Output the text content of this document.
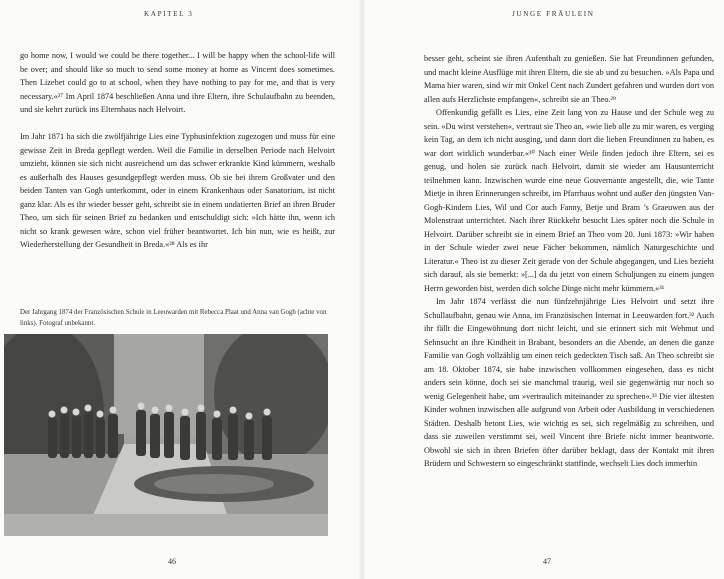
KAPITEL 3

go home now, I would we could be there together... I will be happy when the school-life will be over; and should like so much to send some money at home as Vincent does sometimes. Then Lizebet could go to at school, when they have nothing to pay for me, and that is very necessary.«²⁷ Im April 1874 beschließen Anna und ihre Eltern, ihre Schulaufbahn zu beenden, und sie kehrt zurück ins Elternhaus nach Helvoirt.

Im Jahr 1871 ha sich die zwölfjährige Lies eine Typhusinfektion zugezogen und muss für eine gewisse Zeit in Breda gepflegt werden. Weil die Familie in derselben Periode nach Helvoirt umzieht, können sie sich nicht ausreichend um das schwer erkrankte Kind kümmern, weshalb es außerhalb des Hauses gesundgepflegt werden muss. Ob sie bei ihrem Großvater und den beiden Tanten van Gogh unterkommt, oder in einem Krankenhaus oder Sanatorium, ist nicht ganz klar. Als es ihr wieder besser geht, schreibt sie in einem undatierten Brief an ihren Bruder Theo, um sich für seinen Brief zu bedanken und entschuldigt sich: »Ich hätte ihn, wenn ich nicht so krank gewesen wäre, schon viel früher beantwortet. Ich bin nun, wie es heißt, zur Wiederherstellung der Gesundheit in Breda.«²⁸ Als es ihr

Der Jahrgang 1874 der Französischen Schule in Leeuwarden mit Rebecca Plaat und Anna van Gogh (achte von links). Fotograf unbekannt.
46
JUNGE FRÄULEIN

besser geht, scheint sie ihren Aufenthalt zu genießen. Sie hat Freundinnen gefunden, und macht kleine Ausflüge mit ihren Eltern, die sie ab und zu besuchen. »Als Papa und Mama hier waren, sind wir mit Onkel Cent nach Zundert gefahren und wurden dort von allen aufs Herzlichste empfangen«, schreibt sie an Theo.²⁹

Offenkundig gefällt es Lies, eine Zeit lang von zu Hause und der Schule weg zu sein. »Du wirst verstehen«, vertraut sie Theo an, »wie lieb alle zu mir waren, es verging kein Tag, an dem ich nicht ausging, und dann dort die lieben Freundinnen zu haben, es war dort wirklich wunderbar.«³⁰ Nach einer Weile finden jedoch ihre Eltern, sei es genug, und holen sie zurück nach Helvoirt, damit sie wieder am Hausunterricht teilnehmen kann. Inzwischen wurde eine neue Gouvernante angestellt, die, wie Tante Mietje in ihren Erinnerungen schreibt, im Pfarrhaus wohnt und außer den jüngsten Van-Gogh-Kindern Lies, Wil und Cor auch Fanny, Betje und Bram ’s Graeuwen aus der Molenstraat unterrichtet. Nach ihrer Rückkehr besucht Lies später noch die Schule in Helvoirt. Darüber schreibt sie in einem Brief an Theo vom 20. Juni 1873: »Wir haben in der Schule wieder zwei neue Fächer bekommen, nämlich Naturgeschichte und Literatur.« Theo ist zu dieser Zeit gerade von der Schule abgegangen, und Lies bezieht sich darauf, als sie bemerkt: »[...] da du jetzt von einem Schuljungen zu einem jungen Herrn geworden bist, werden dich solche Dinge nicht mehr kümmern.«³¹

Im Jahr 1874 verlässt die nun fünfzehnjährige Lies Helvoirt und setzt ihre Schullaufbahn, genau wie Anna, im Französischen Internat in Leeuwarden fort.³² Auch ihr fällt die Eingewöhnung dort nicht leicht, und sie erinnert sich mit Wehmut und Sehnsucht an ihre Kindheit in Brabant, besonders an die Abende, an denen die ganze Familie van Gogh vollzählig um einen reich gedeckten Tisch saß. An Theo schreibt sie am 18. Oktober 1874, sie habe inzwischen vollkommen eingesehen, dass es nicht anders sein könne, doch sei sie manchmal traurig, weil sie gegenwärtig nur noch so wenig Gelegenheit habe, um »vertraulich miteinander zu sprechen«.³³ Die vier ältesten Kinder wohnen inzwischen alle aufgrund von Arbeit oder Ausbildung in verschiedenen Städten. Deshalb betont Lies, wie wichtig es sei, sich regelmäßig zu schreiben, und dass sie zuweilen verstimmt sei, weil Vincent ihre Briefe nicht immer beantworte. Obwohl sie sich in ihren Briefen öfter darüber beklagt, dass der Kontakt mit ihren Brüdern und Schwestern so eingeschränkt stattfinde, wechselt Lies doch immerhin

47
